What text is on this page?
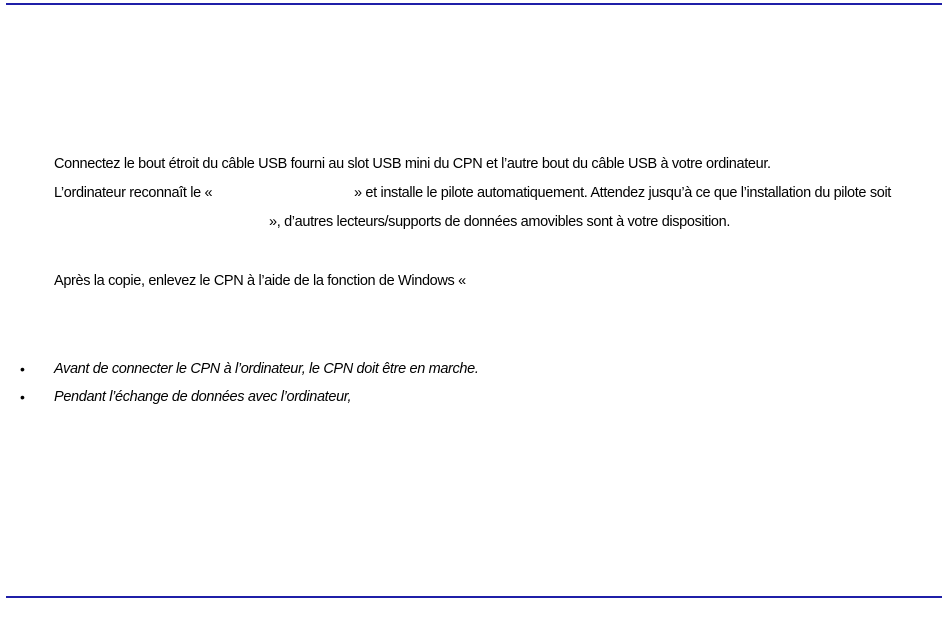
Connectez le bout étroit du câble USB fourni au slot USB mini du CPN et l’autre bout du câble USB à votre ordinateur.
L’ordinateur reconnaît le «	» et installe le pilote automatiquement. Attendez jusqu’à ce que l’installation du pilote soit
», d’autres lecteurs/supports de données amovibles sont à votre disposition.
Après la copie, enlevez le CPN à l’aide de la fonction de Windows «
• Avant de connecter le CPN à l’ordinateur, le CPN doit être en marche.
• Pendant l’échange de données avec l’ordinateur,
